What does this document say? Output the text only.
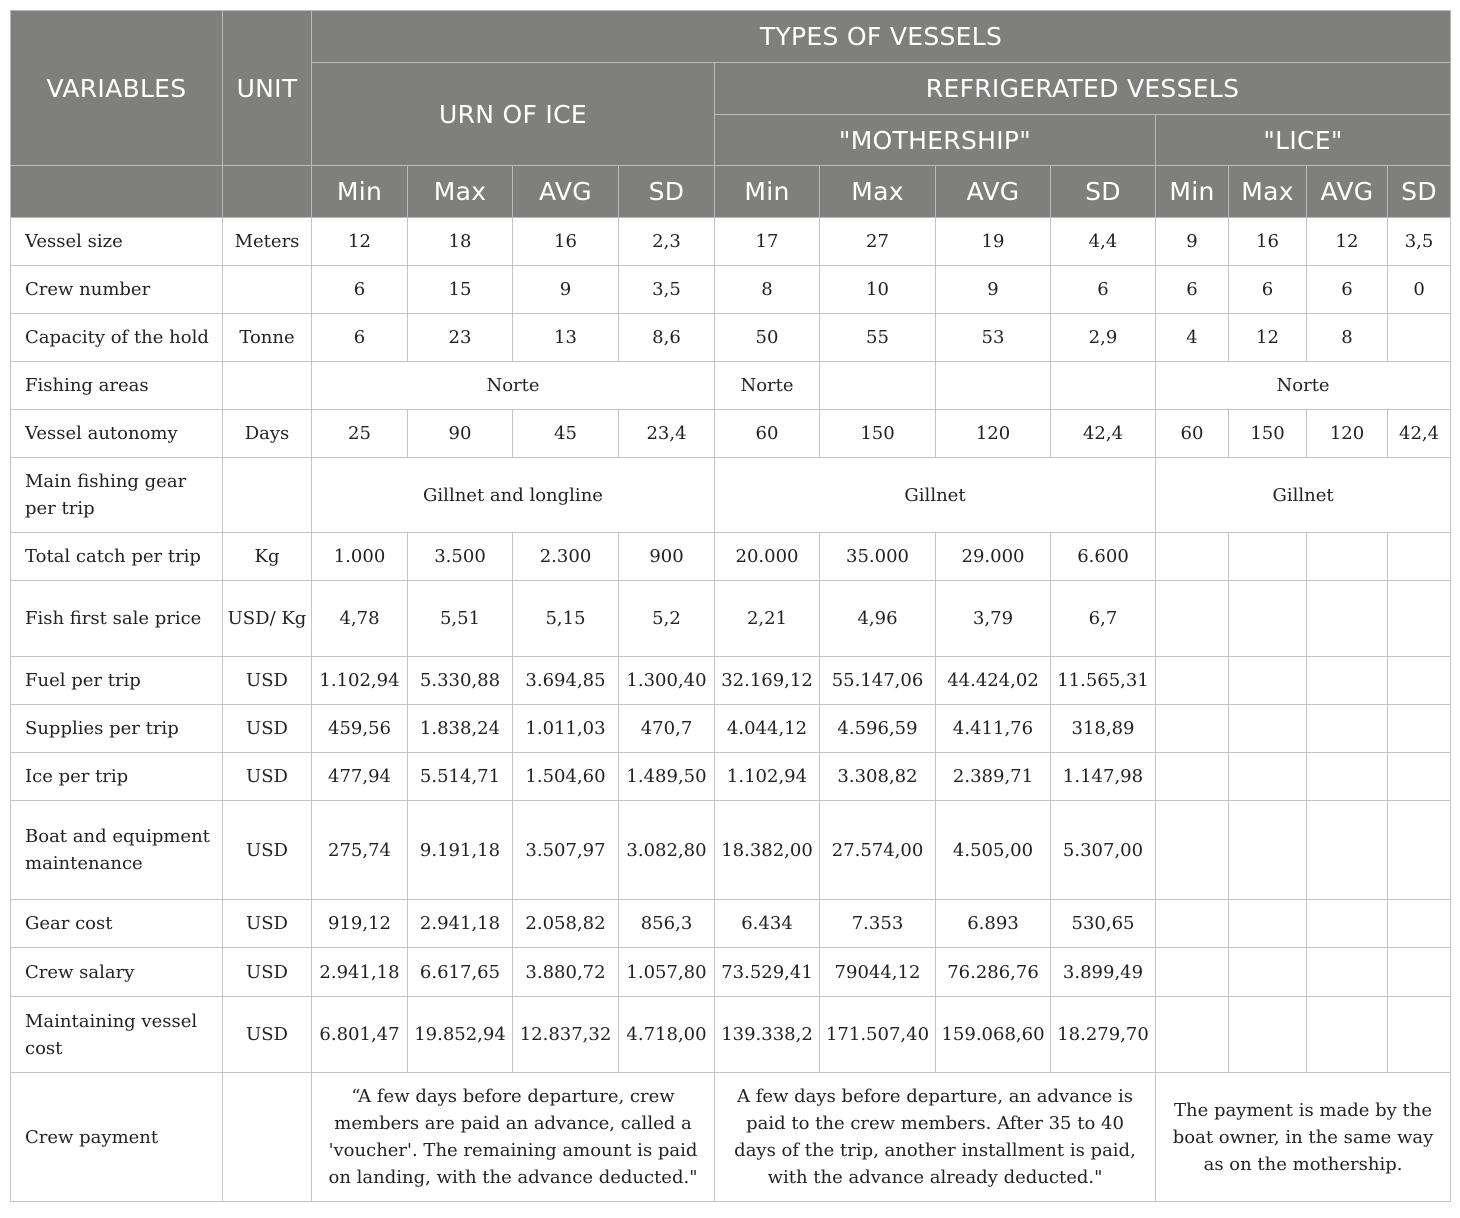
VARIABLES	UNIT	TYPES OF VESSELS											
		URN OF ICE				REFRIGERATED VESSELS							
						"MOTHERSHIP"				"LICE"			
		Min	Max	AVG	SD	Min	Max	AVG	SD	Min	Max	AVG	SD
Vessel size	Meters	12	18	16	2,3	17	27	19	4,4	9	16	12	3,5
Crew number		6	15	9	3,5	8	10	9	6	6	6	6	0
Capacity of the hold	Tonne	6	23	13	8,6	50	55	53	2,9	4	12	8	
Fishing areas		Norte				Norte				Norte			
Vessel autonomy	Days	25	90	45	23,4	60	150	120	42,4	60	150	120	42,4
Main fishing gear per trip		Gillnet and longline				Gillnet				Gillnet			
Total catch per trip	Kg	1.000	3.500	2.300	900	20.000	35.000	29.000	6.600				
Fish first sale price	USD/ Kg	4,78	5,51	5,15	5,2	2,21	4,96	3,79	6,7				
Fuel per trip	USD	1.102,94	5.330,88	3.694,85	1.300,40	32.169,12	55.147,06	44.424,02	11.565,31				
Supplies per trip	USD	459,56	1.838,24	1.011,03	470,7	4.044,12	4.596,59	4.411,76	318,89				
Ice per trip	USD	477,94	5.514,71	1.504,60	1.489,50	1.102,94	3.308,82	2.389,71	1.147,98				
Boat and equipment maintenance	USD	275,74	9.191,18	3.507,97	3.082,80	18.382,00	27.574,00	4.505,00	5.307,00				
Gear cost	USD	919,12	2.941,18	2.058,82	856,3	6.434	7.353	6.893	530,65				
Crew salary	USD	2.941,18	6.617,65	3.880,72	1.057,80	73.529,41	79044,12	76.286,76	3.899,49				
Maintaining vessel cost	USD	6.801,47	19.852,94	12.837,32	4.718,00	139.338,2	171.507,40	159.068,60	18.279,70				
Crew payment		“A few days before departure, crew members are paid an advance, called a 'voucher'. The remaining amount is paid on landing, with the advance deducted."				A few days before departure, an advance is paid to the crew members. After 35 to 40 days of the trip, another installment is paid, with the advance already deducted."				The payment is made by the boat owner, in the same way as on the mothership.			
